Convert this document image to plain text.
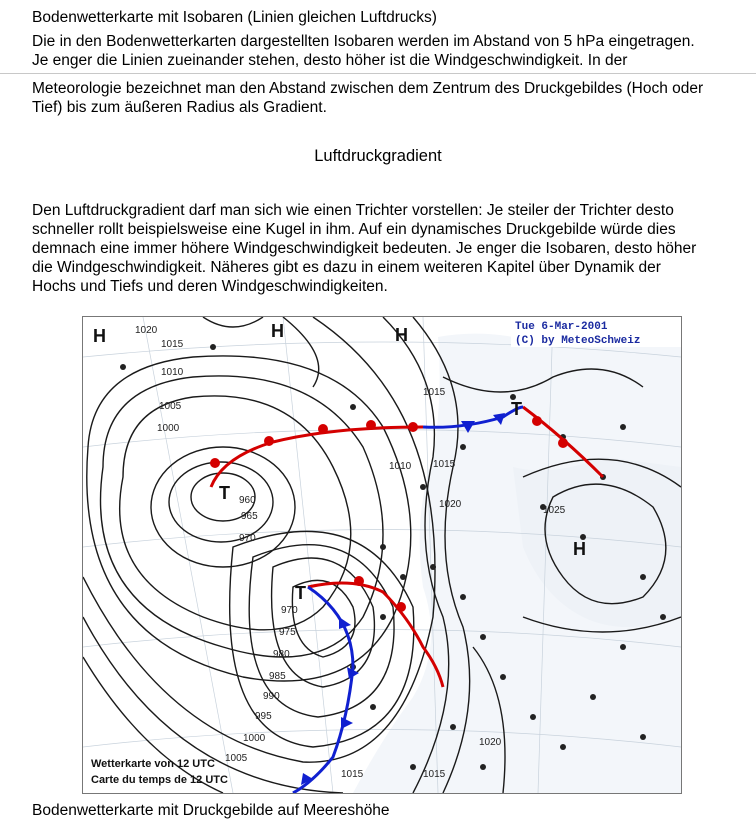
Bodenwetterkarte mit Isobaren (Linien gleichen Luftdrucks)
Die in den Bodenwetterkarten dargestellten Isobaren werden im Abstand von 5 hPa eingetragen.
Je enger die Linien zueinander stehen, desto höher ist die Windgeschwindigkeit. In der
Meteorologie bezeichnet man den Abstand zwischen dem Zentrum des Druckgebildes (Hoch oder
Tief) bis zum äußeren Radius als Gradient.
Luftdruckgradient
Den Luftdruckgradient darf man sich wie einen Trichter vorstellen: Je steiler der Trichter desto
schneller rollt beispielsweise eine Kugel in ihm. Auf ein dynamisches Druckgebilde würde dies
demnach eine immer höhere Windgeschwindigkeit bedeuten. Je enger die Isobaren, desto höher
die Windgeschwindigkeit. Näheres gibt es dazu in einem weiteren Kapitel über Dynamik der
Hochs und Tiefs und deren Windgeschwindigkeiten.
H	H	H
H
T
T
T
1020
1015
1010
1005
1000
960
965
970
970
975
980
985
990
995
1000
1005
1010
1015
1015
1020
1025
1020
1015	1015
Tue 6-Mar-2001
(C) by MeteoSchweiz
Wetterkarte von 12 UTC
Carte du temps de 12 UTC
Bodenwetterkarte mit Druckgebilde auf Meereshöhe
